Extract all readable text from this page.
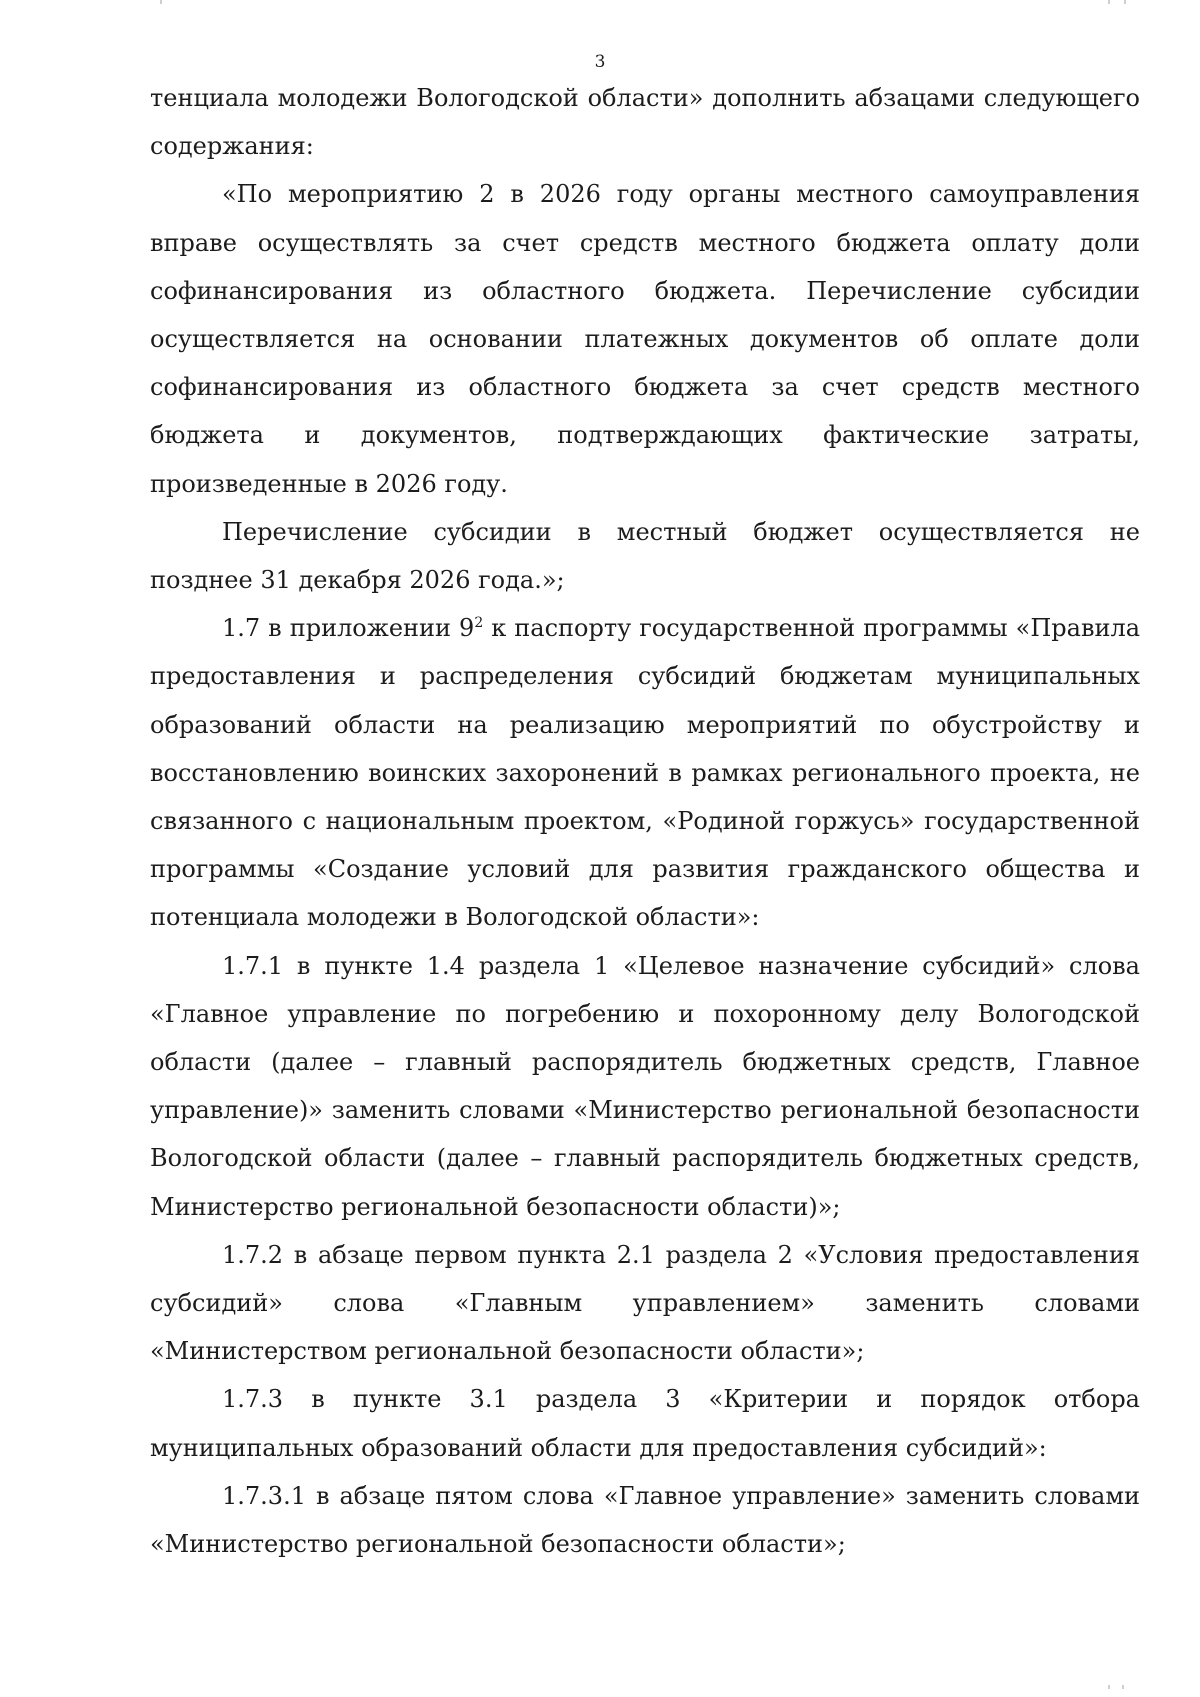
3

тенциала молодежи Вологодской области» дополнить абзацами следующего содержания:

«По мероприятию 2 в 2026 году органы местного самоуправления вправе осуществлять за счет средств местного бюджета оплату доли софинансирования из областного бюджета. Перечисление субсидии осуществляется на основании платежных документов об оплате доли софинансирования из областного бюджета за счет средств местного бюджета и документов, подтверждающих фактические затраты, произведенные в 2026 году.

Перечисление субсидии в местный бюджет осуществляется не позднее 31 декабря 2026 года.»;

1.7 в приложении $9^2$ к паспорту государственной программы «Правила предоставления и распределения субсидий бюджетам муниципальных образований области на реализацию мероприятий по обустройству и восстановлению воинских захоронений в рамках регионального проекта, не связанного с национальным проектом, «Родиной горжусь» государственной программы «Создание условий для развития гражданского общества и потенциала молодежи в Вологодской области»:

1.7.1 в пункте 1.4 раздела 1 «Целевое назначение субсидий» слова «Главное управление по погребению и похоронному делу Вологодской области (далее – главный распорядитель бюджетных средств, Главное управление)» заменить словами «Министерство региональной безопасности Вологодской области (далее – главный распорядитель бюджетных средств, Министерство региональной безопасности области)»;

1.7.2 в абзаце первом пункта 2.1 раздела 2 «Условия предоставления субсидий» слова «Главным управлением» заменить словами «Министерством региональной безопасности области»;

1.7.3 в пункте 3.1 раздела 3 «Критерии и порядок отбора муниципальных образований области для предоставления субсидий»:

1.7.3.1 в абзаце пятом слова «Главное управление» заменить словами «Министерство региональной безопасности области»;
